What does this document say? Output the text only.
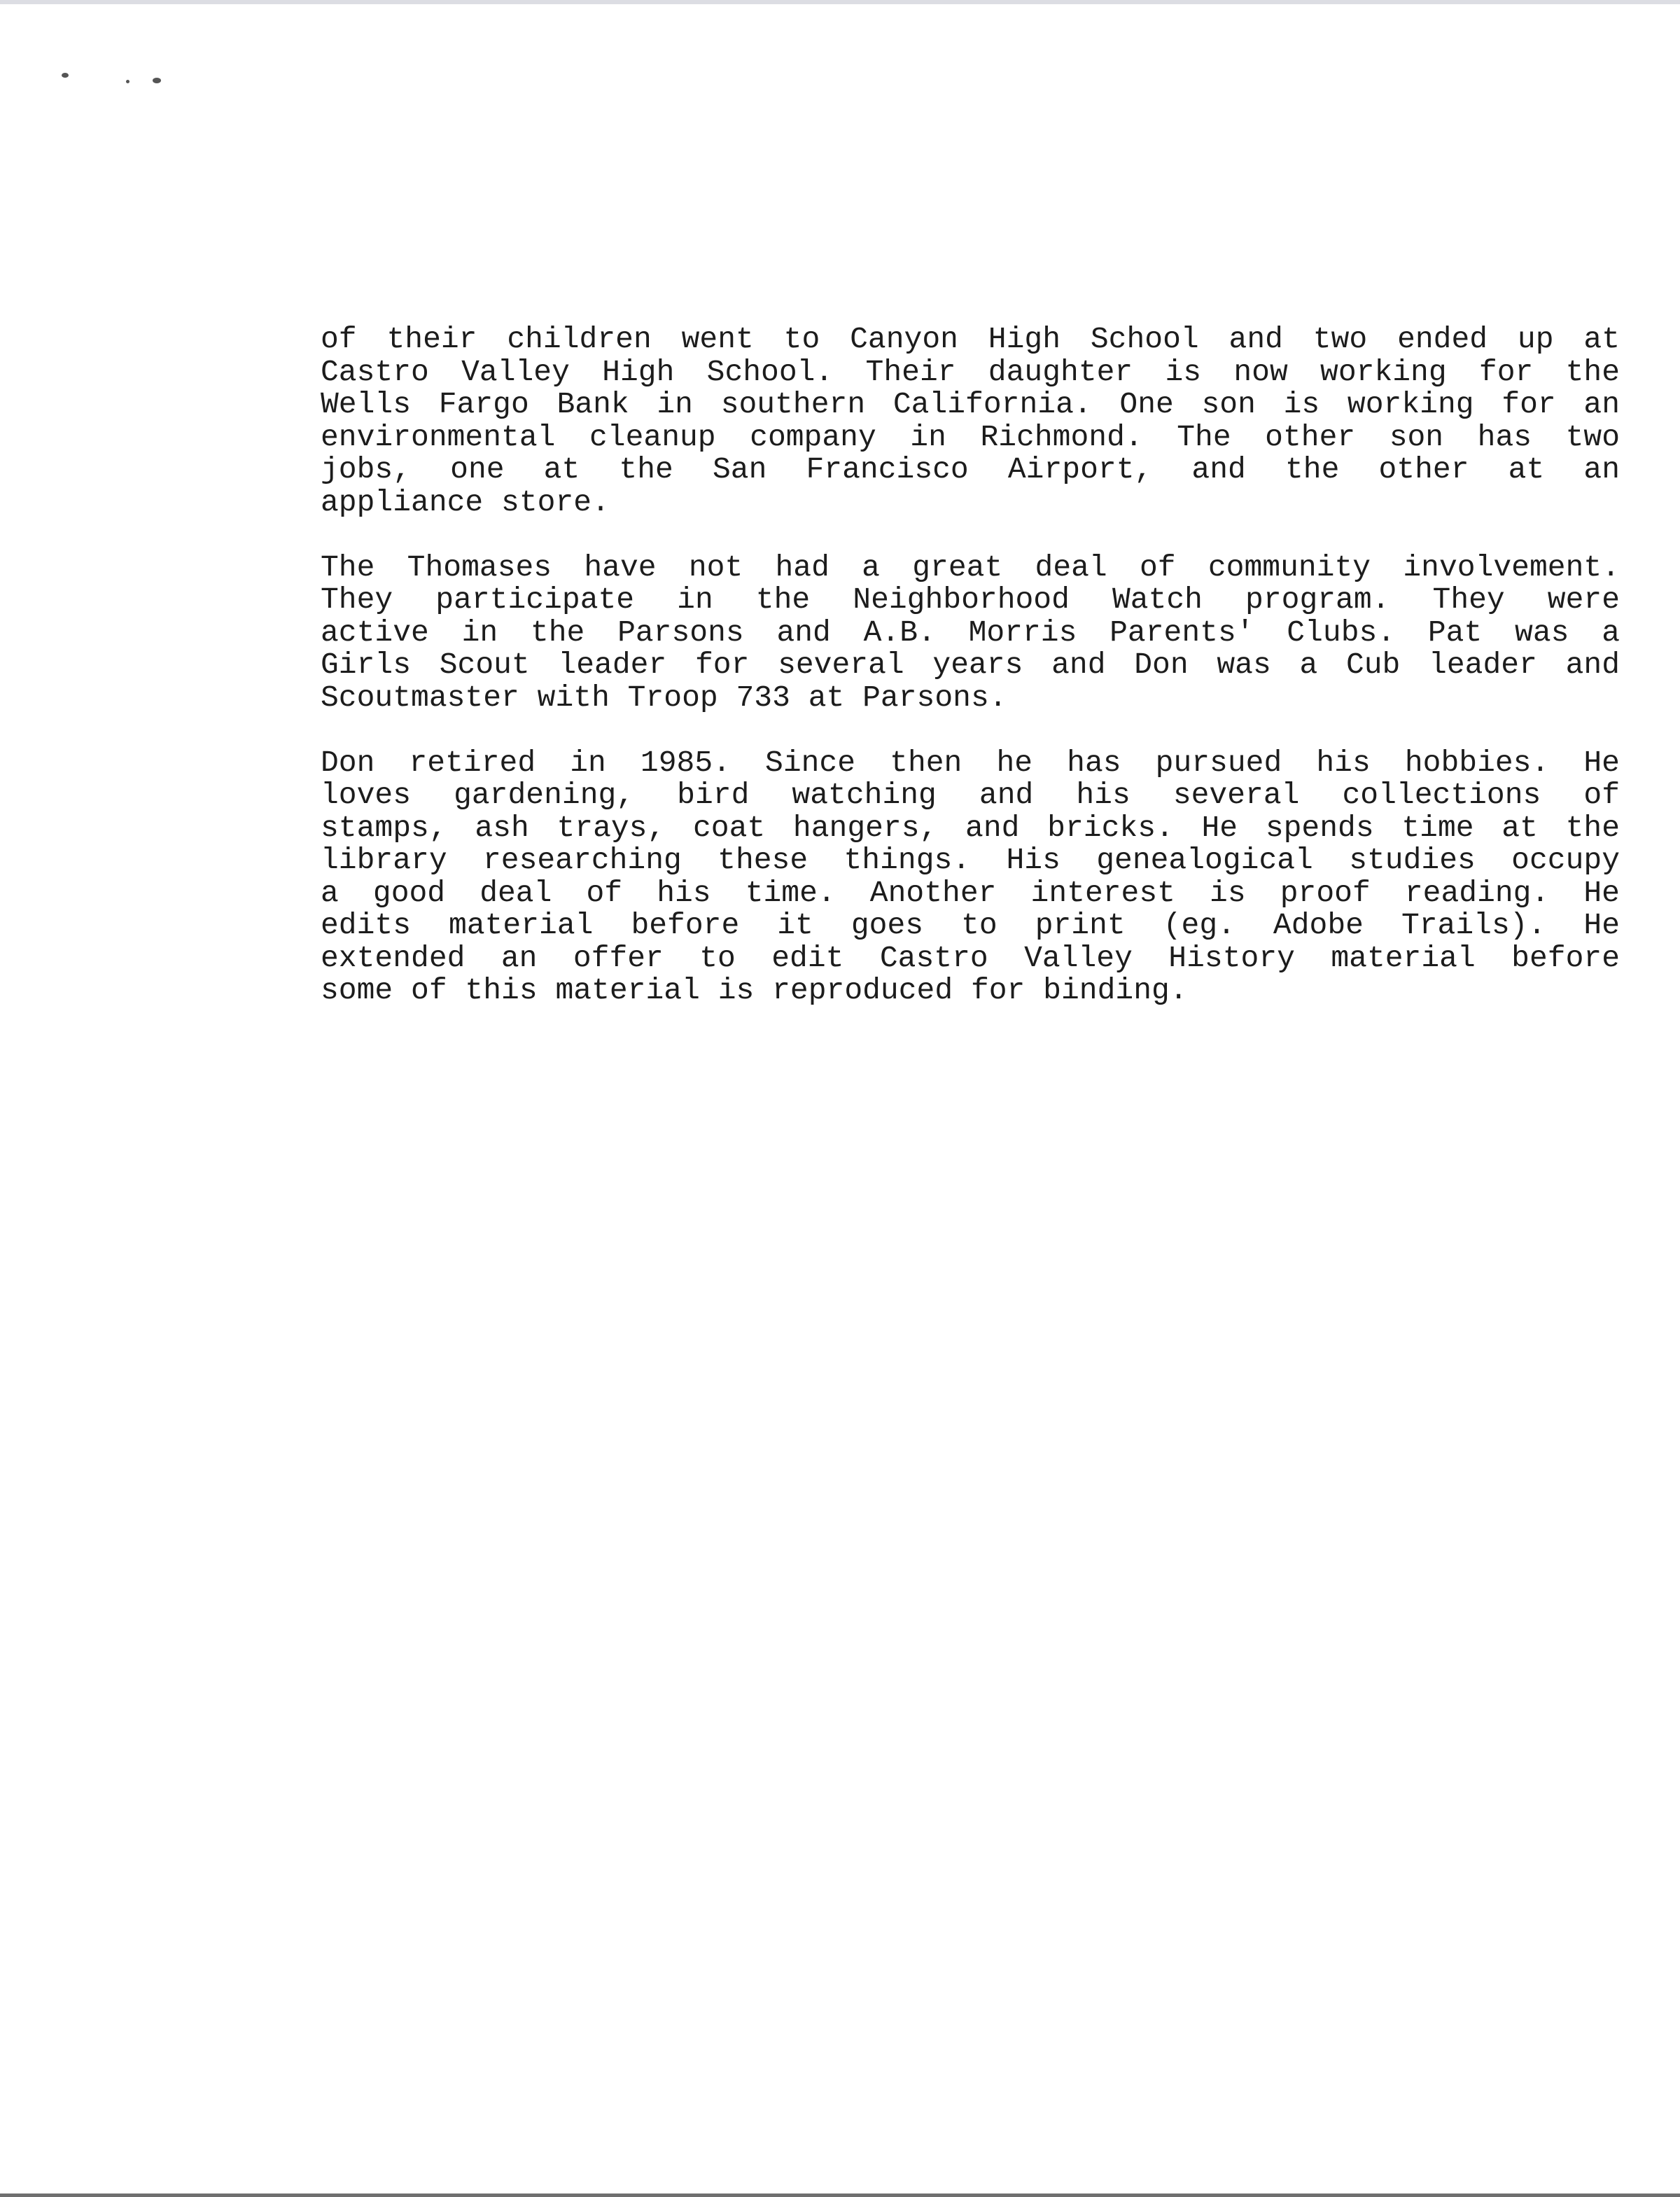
of their children went to Canyon High School and two ended up at
Castro Valley High School. Their daughter is now working for the
Wells Fargo Bank in southern California. One son is working for an
environmental cleanup company in Richmond. The other son has two
jobs, one at the San Francisco Airport, and the other at an
appliance store.
The Thomases have not had a great deal of community involvement.
They participate in the Neighborhood Watch program. They were
active in the Parsons and A.B. Morris Parents' Clubs. Pat was a
Girls Scout leader for several years and Don was a Cub leader and
Scoutmaster with Troop 733 at Parsons.
Don retired in 1985. Since then he has pursued his hobbies. He
loves gardening, bird watching and his several collections of
stamps, ash trays, coat hangers, and bricks. He spends time at the
library researching these things. His genealogical studies occupy
a good deal of his time. Another interest is proof reading. He
edits material before it goes to print (eg. Adobe Trails). He
extended an offer to edit Castro Valley History material before
some of this material is reproduced for binding.
